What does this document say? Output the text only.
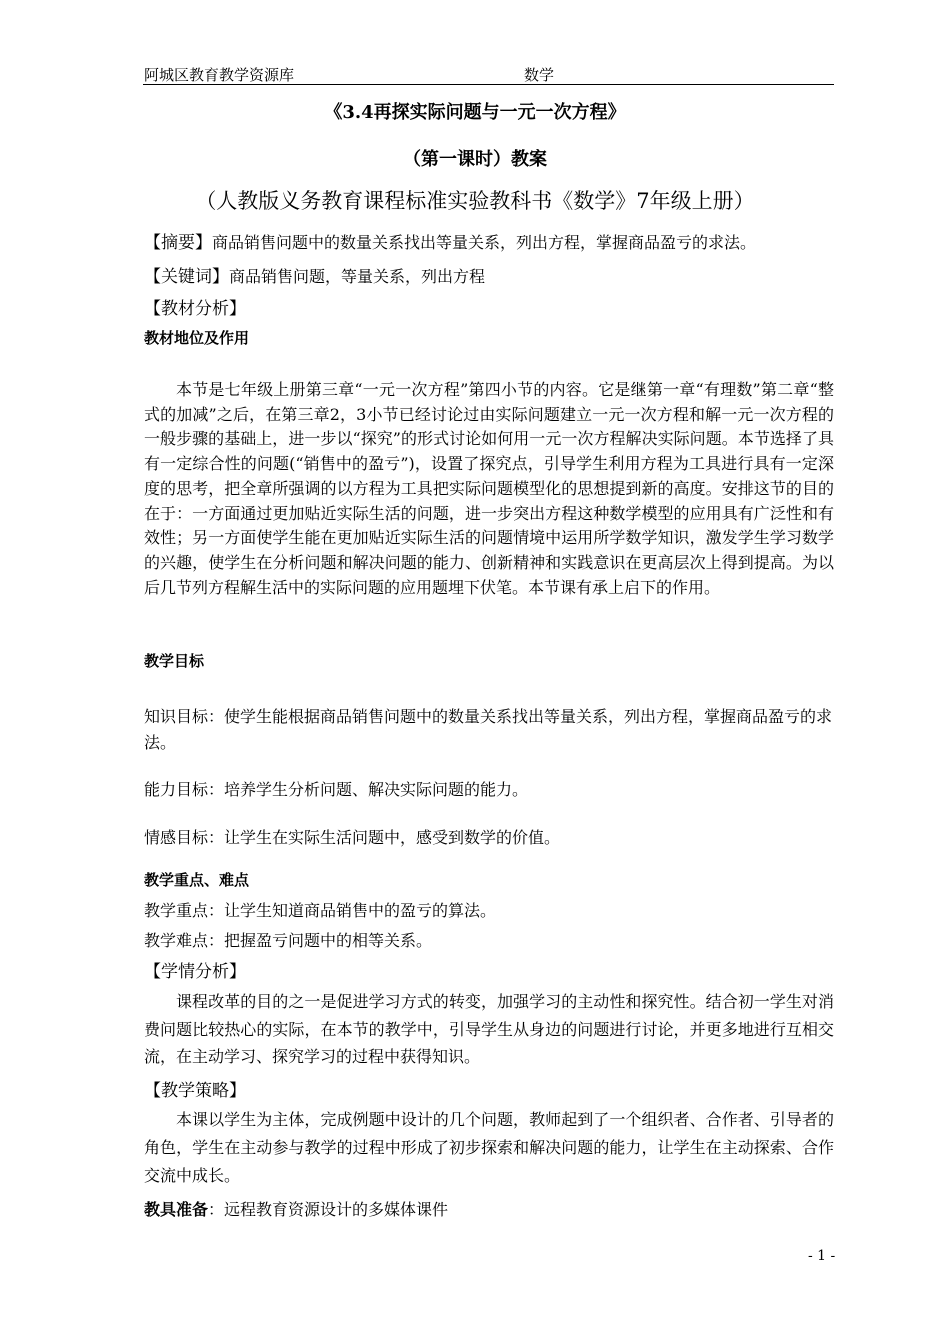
阿城区教育教学资源库	数学
《3.4再探实际问题与一元一次方程》
（第一课时）教案
（人教版义务教育课程标准实验教科书《数学》7年级上册）
【摘要】商品销售问题中的数量关系找出等量关系，列出方程，掌握商品盈亏的求法。
【关键词】商品销售问题，等量关系，列出方程
【教材分析】
教材地位及作用
本节是七年级上册第三章“一元一次方程”第四小节的内容。它是继第一章“有理数”第二章“整式的加减”之后，在第三章2，3小节已经讨论过由实际问题建立一元一次方程和解一元一次方程的一般步骤的基础上，进一步以“探究”的形式讨论如何用一元一次方程解决实际问题。本节选择了具有一定综合性的问题(“销售中的盈亏”)，设置了探究点，引导学生利用方程为工具进行具有一定深度的思考，把全章所强调的以方程为工具把实际问题模型化的思想提到新的高度。安排这节的目的在于：一方面通过更加贴近实际生活的问题，进一步突出方程这种数学模型的应用具有广泛性和有效性；另一方面使学生能在更加贴近实际生活的问题情境中运用所学数学知识，激发学生学习数学的兴趣，使学生在分析问题和解决问题的能力、创新精神和实践意识在更高层次上得到提高。为以后几节列方程解生活中的实际问题的应用题埋下伏笔。本节课有承上启下的作用。
教学目标
知识目标：使学生能根据商品销售问题中的数量关系找出等量关系，列出方程，掌握商品盈亏的求法。
能力目标：培养学生分析问题、解决实际问题的能力。
情感目标：让学生在实际生活问题中，感受到数学的价值。
教学重点、难点
教学重点：让学生知道商品销售中的盈亏的算法。
教学难点：把握盈亏问题中的相等关系。
【学情分析】
课程改革的目的之一是促进学习方式的转变，加强学习的主动性和探究性。结合初一学生对消费问题比较热心的实际，在本节的教学中，引导学生从身边的问题进行讨论，并更多地进行互相交流，在主动学习、探究学习的过程中获得知识。
【教学策略】
本课以学生为主体，完成例题中设计的几个问题，教师起到了一个组织者、合作者、引导者的角色，学生在主动参与教学的过程中形成了初步探索和解决问题的能力，让学生在主动探索、合作交流中成长。
教具准备：远程教育资源设计的多媒体课件
- 1 -
